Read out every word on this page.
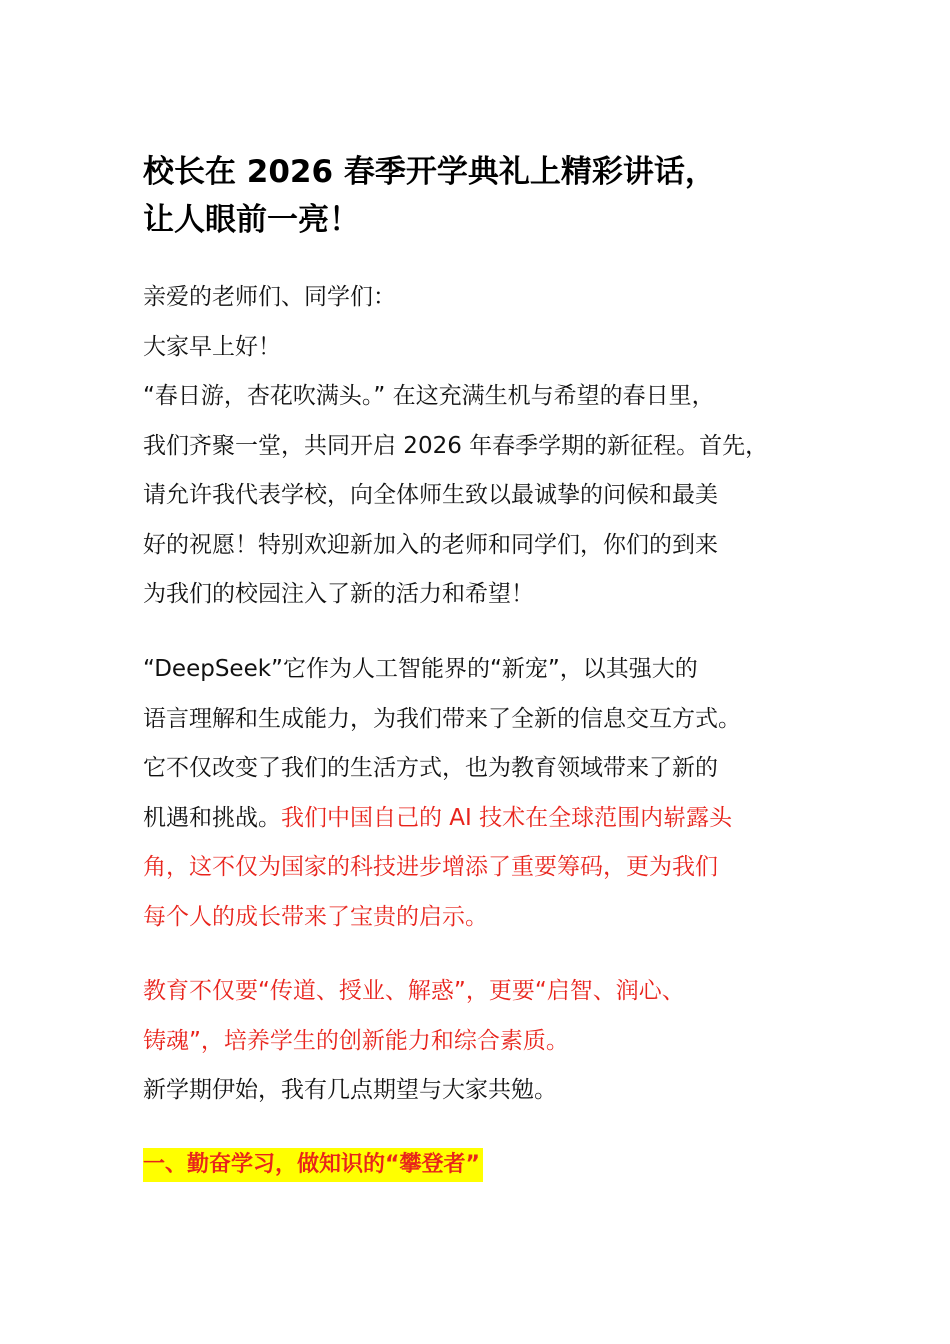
校长在 2026 春季开学典礼上精彩讲话，
让人眼前一亮！
亲爱的老师们、同学们：
大家早上好！
“春日游，杏花吹满头。” 在这充满生机与希望的春日里，
我们齐聚一堂，共同开启 2026 年春季学期的新征程。首先，
请允许我代表学校，向全体师生致以最诚挚的问候和最美
好的祝愿！特别欢迎新加入的老师和同学们，你们的到来
为我们的校园注入了新的活力和希望！
“DeepSeek”它作为人工智能界的“新宠”，以其强大的
语言理解和生成能力，为我们带来了全新的信息交互方式。
它不仅改变了我们的生活方式，也为教育领域带来了新的
机遇和挑战。我们中国自己的 AI 技术在全球范围内崭露头
角，这不仅为国家的科技进步增添了重要筹码，更为我们
每个人的成长带来了宝贵的启示。
教育不仅要“传道、授业、解惑”，更要“启智、润心、
铸魂”，培养学生的创新能力和综合素质。
新学期伊始，我有几点期望与大家共勉。
一、勤奋学习，做知识的“攀登者”
